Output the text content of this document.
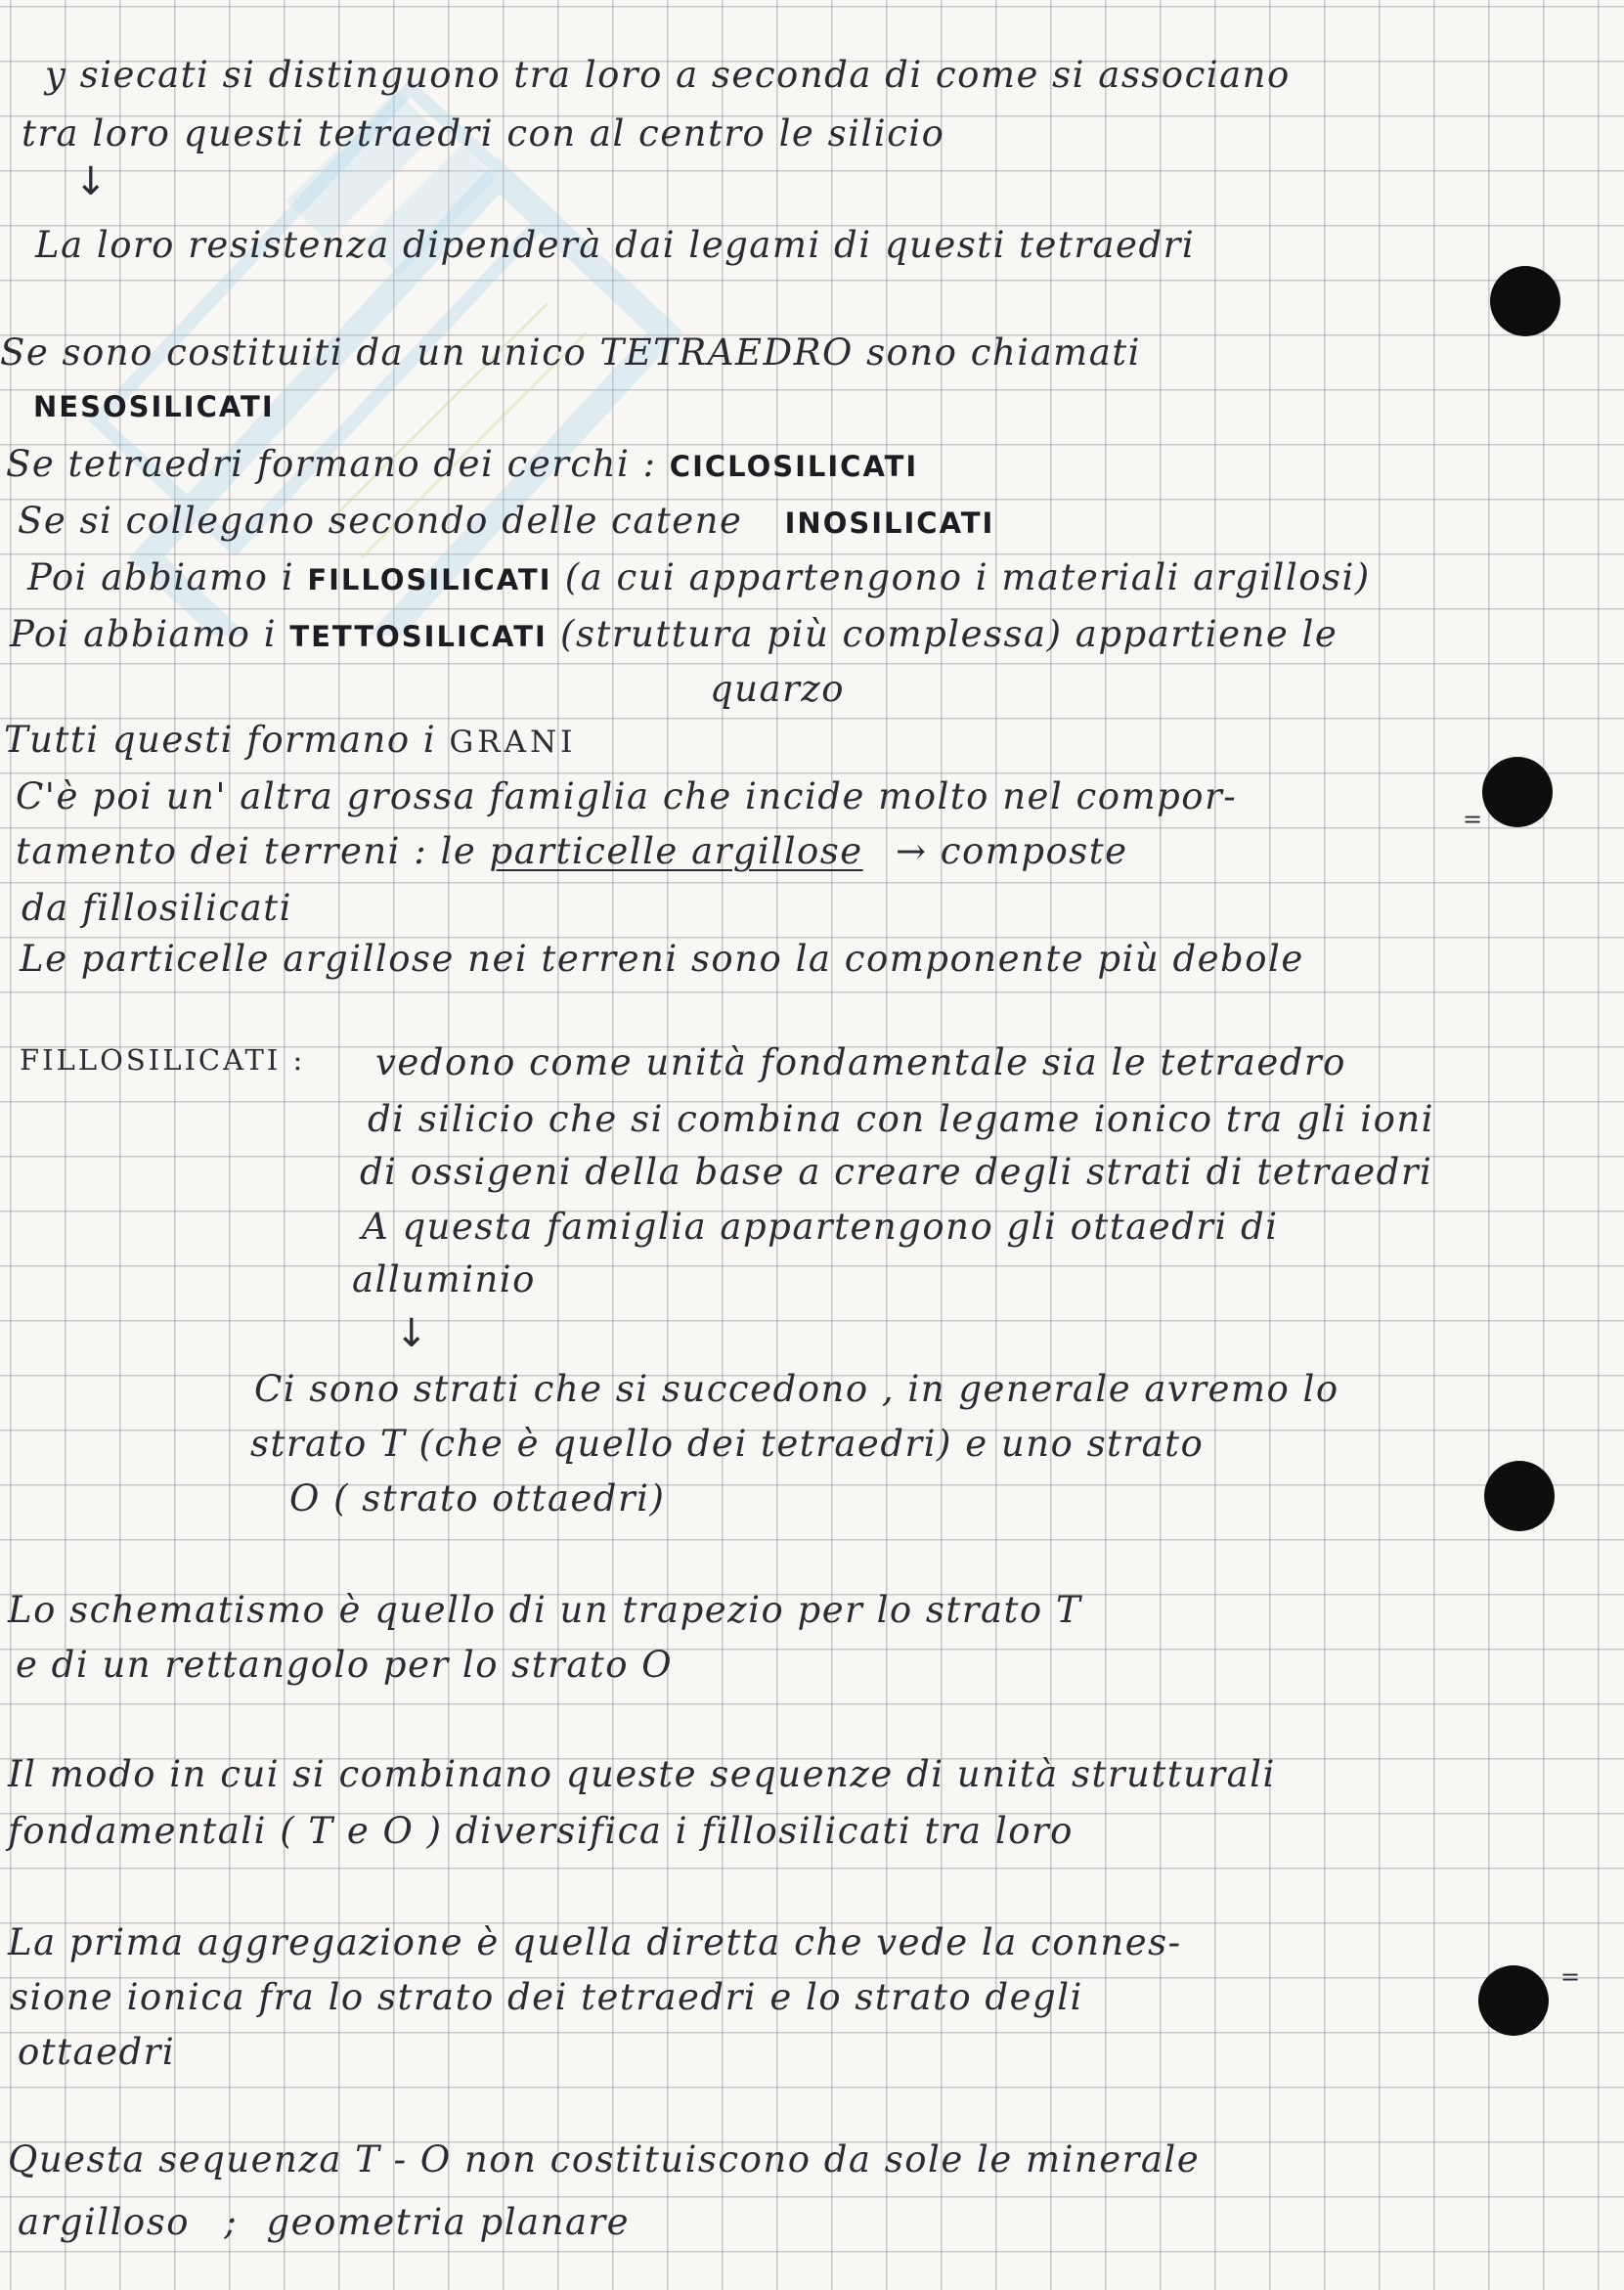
=
=
y siecati si distinguono tra loro a seconda di come si associano
tra loro questi tetraedri con al centro le silicio
↓
La loro resistenza dipenderà dai legami di questi tetraedri
Se sono costituiti da un unico TETRAEDRO sono chiamati
NESOSILICATI
Se tetraedri formano dei cerchi : CICLOSILICATI
Se si collegano secondo delle catene INOSILICATI
Poi abbiamo i FILLOSILICATI (a cui appartengono i materiali argillosi)
Poi abbiamo i TETTOSILICATI (struttura più complessa) appartiene le
quarzo
Tutti questi formano i GRANI
C'è poi un' altra grossa famiglia che incide molto nel compor-
tamento dei terreni : le particelle argillose → composte
da fillosilicati
Le particelle argillose nei terreni sono la componente più debole
FILLOSILICATI : vedono come unità fondamentale sia le tetraedro
di silicio che si combina con legame ionico tra gli ioni
di ossigeni della base a creare degli strati di tetraedri
A questa famiglia appartengono gli ottaedri di
alluminio
↓
Ci sono strati che si succedono , in generale avremo lo
strato T (che è quello dei tetraedri) e uno strato
O ( strato ottaedri)
Lo schematismo è quello di un trapezio per lo strato T
e di un rettangolo per lo strato O
Il modo in cui si combinano queste sequenze di unità strutturali
fondamentali ( T e O ) diversifica i fillosilicati tra loro
La prima aggregazione è quella diretta che vede la connes-
sione ionica fra lo strato dei tetraedri e lo strato degli
ottaedri
Questa sequenza T - O non costituiscono da sole le minerale
argilloso ; geometria planare
